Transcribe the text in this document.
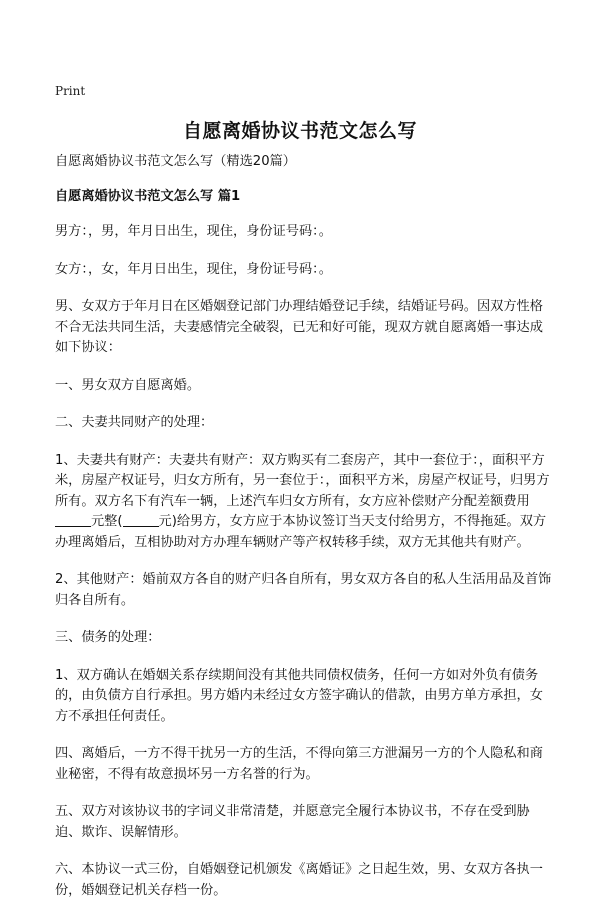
Print
自愿离婚协议书范文怎么写

自愿离婚协议书范文怎么写（精选20篇）

自愿离婚协议书范文怎么写 篇1

男方：，男，年月日出生，现住，身份证号码：。

女方：，女，年月日出生，现住，身份证号码：。

男、女双方于年月日在区婚姻登记部门办理结婚登记手续，结婚证号码。因双方性格不合无法共同生活，夫妻感情完全破裂，已无和好可能，现双方就自愿离婚一事达成如下协议：

一、男女双方自愿离婚。

二、夫妻共同财产的处理：

1、夫妻共有财产：夫妻共有财产：双方购买有二套房产，其中一套位于：，面积平方米，房屋产权证号，归女方所有，另一套位于：，面积平方米，房屋产权证号，归男方所有。双方名下有汽车一辆，上述汽车归女方所有，女方应补偿财产分配差额费用元整(	元)给男方，女方应于本协议签订当天支付给男方，不得拖延。双方办理离婚后，互相协助对方办理车辆财产等产权转移手续，双方无其他共有财产。

2、其他财产：婚前双方各自的财产归各自所有，男女双方各自的私人生活用品及首饰归各自所有。

三、债务的处理：

1、双方确认在婚姻关系存续期间没有其他共同债权债务，任何一方如对外负有债务的，由负债方自行承担。男方婚内未经过女方签字确认的借款，由男方单方承担，女方不承担任何责任。

四、离婚后，一方不得干扰另一方的生活，不得向第三方泄漏另一方的个人隐私和商业秘密，不得有故意损坏另一方名誉的行为。

五、双方对该协议书的字词义非常清楚，并愿意完全履行本协议书，不存在受到胁迫、欺诈、误解情形。

六、本协议一式三份，自婚姻登记机颁发《离婚证》之日起生效，男、女双方各执一份，婚姻登记机关存档一份。
